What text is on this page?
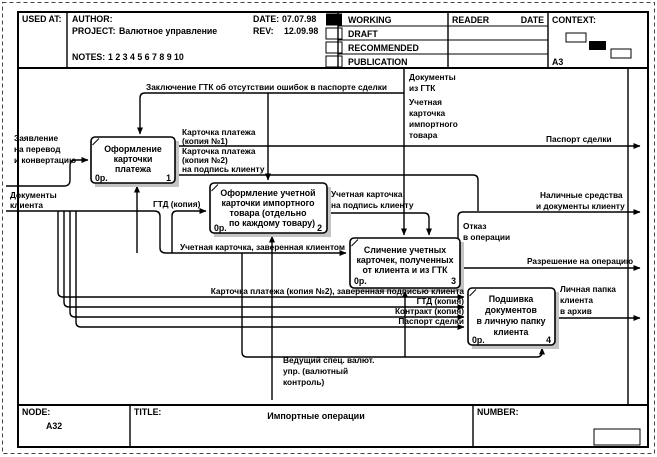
USED AT: AUTHOR:
PROJECT: Валютное управление
NOTES: 1 2 3 4 5 6 7 8 9 10
DATE: 07.07.98
REV: 12.09.98
WORKING
DRAFT
RECOMMENDED
PUBLICATION
READER	DATE CONTEXT:
A3
NODE:
A32
TITLE:	Импортные операции	NUMBER:
Оформление
карточки
платежа
0р.	1
Оформление учетной
карточки импортного
товара (отдельно
по каждому товару)
0р.	2
Сличение учетных
карточек, полученных
от клиента и из ГТК
0р.	3
Подшивка
документов
в личную папку
клиента
0р.	4
Заключение ГТК об отсутствии ошибок в паспорте сделки
Документы
из ГТК
Учетная
карточка
импортного
товара
Заявление
на перевод
и конвертацию
Документы
клиента
Карточка платежа
(копия №1)
Карточка платежа
(копия №2)
на подпись клиенту
ГТД (копия)
Паспорт сделки
Учетная карточка
на подпись клиенту
Наличные средства
и документы клиенту
Отказ
в операции
Разрешение на операцию
Учетная карточка, заверенная клиентом
Карточка платежа (копия №2), заверенная подписью клиента
ГТД (копия)
Контракт (копия)
Паспорт сделки
Личная папка
клиента
в архив
Ведущий спец. валют.
упр. (валютный
контроль)
